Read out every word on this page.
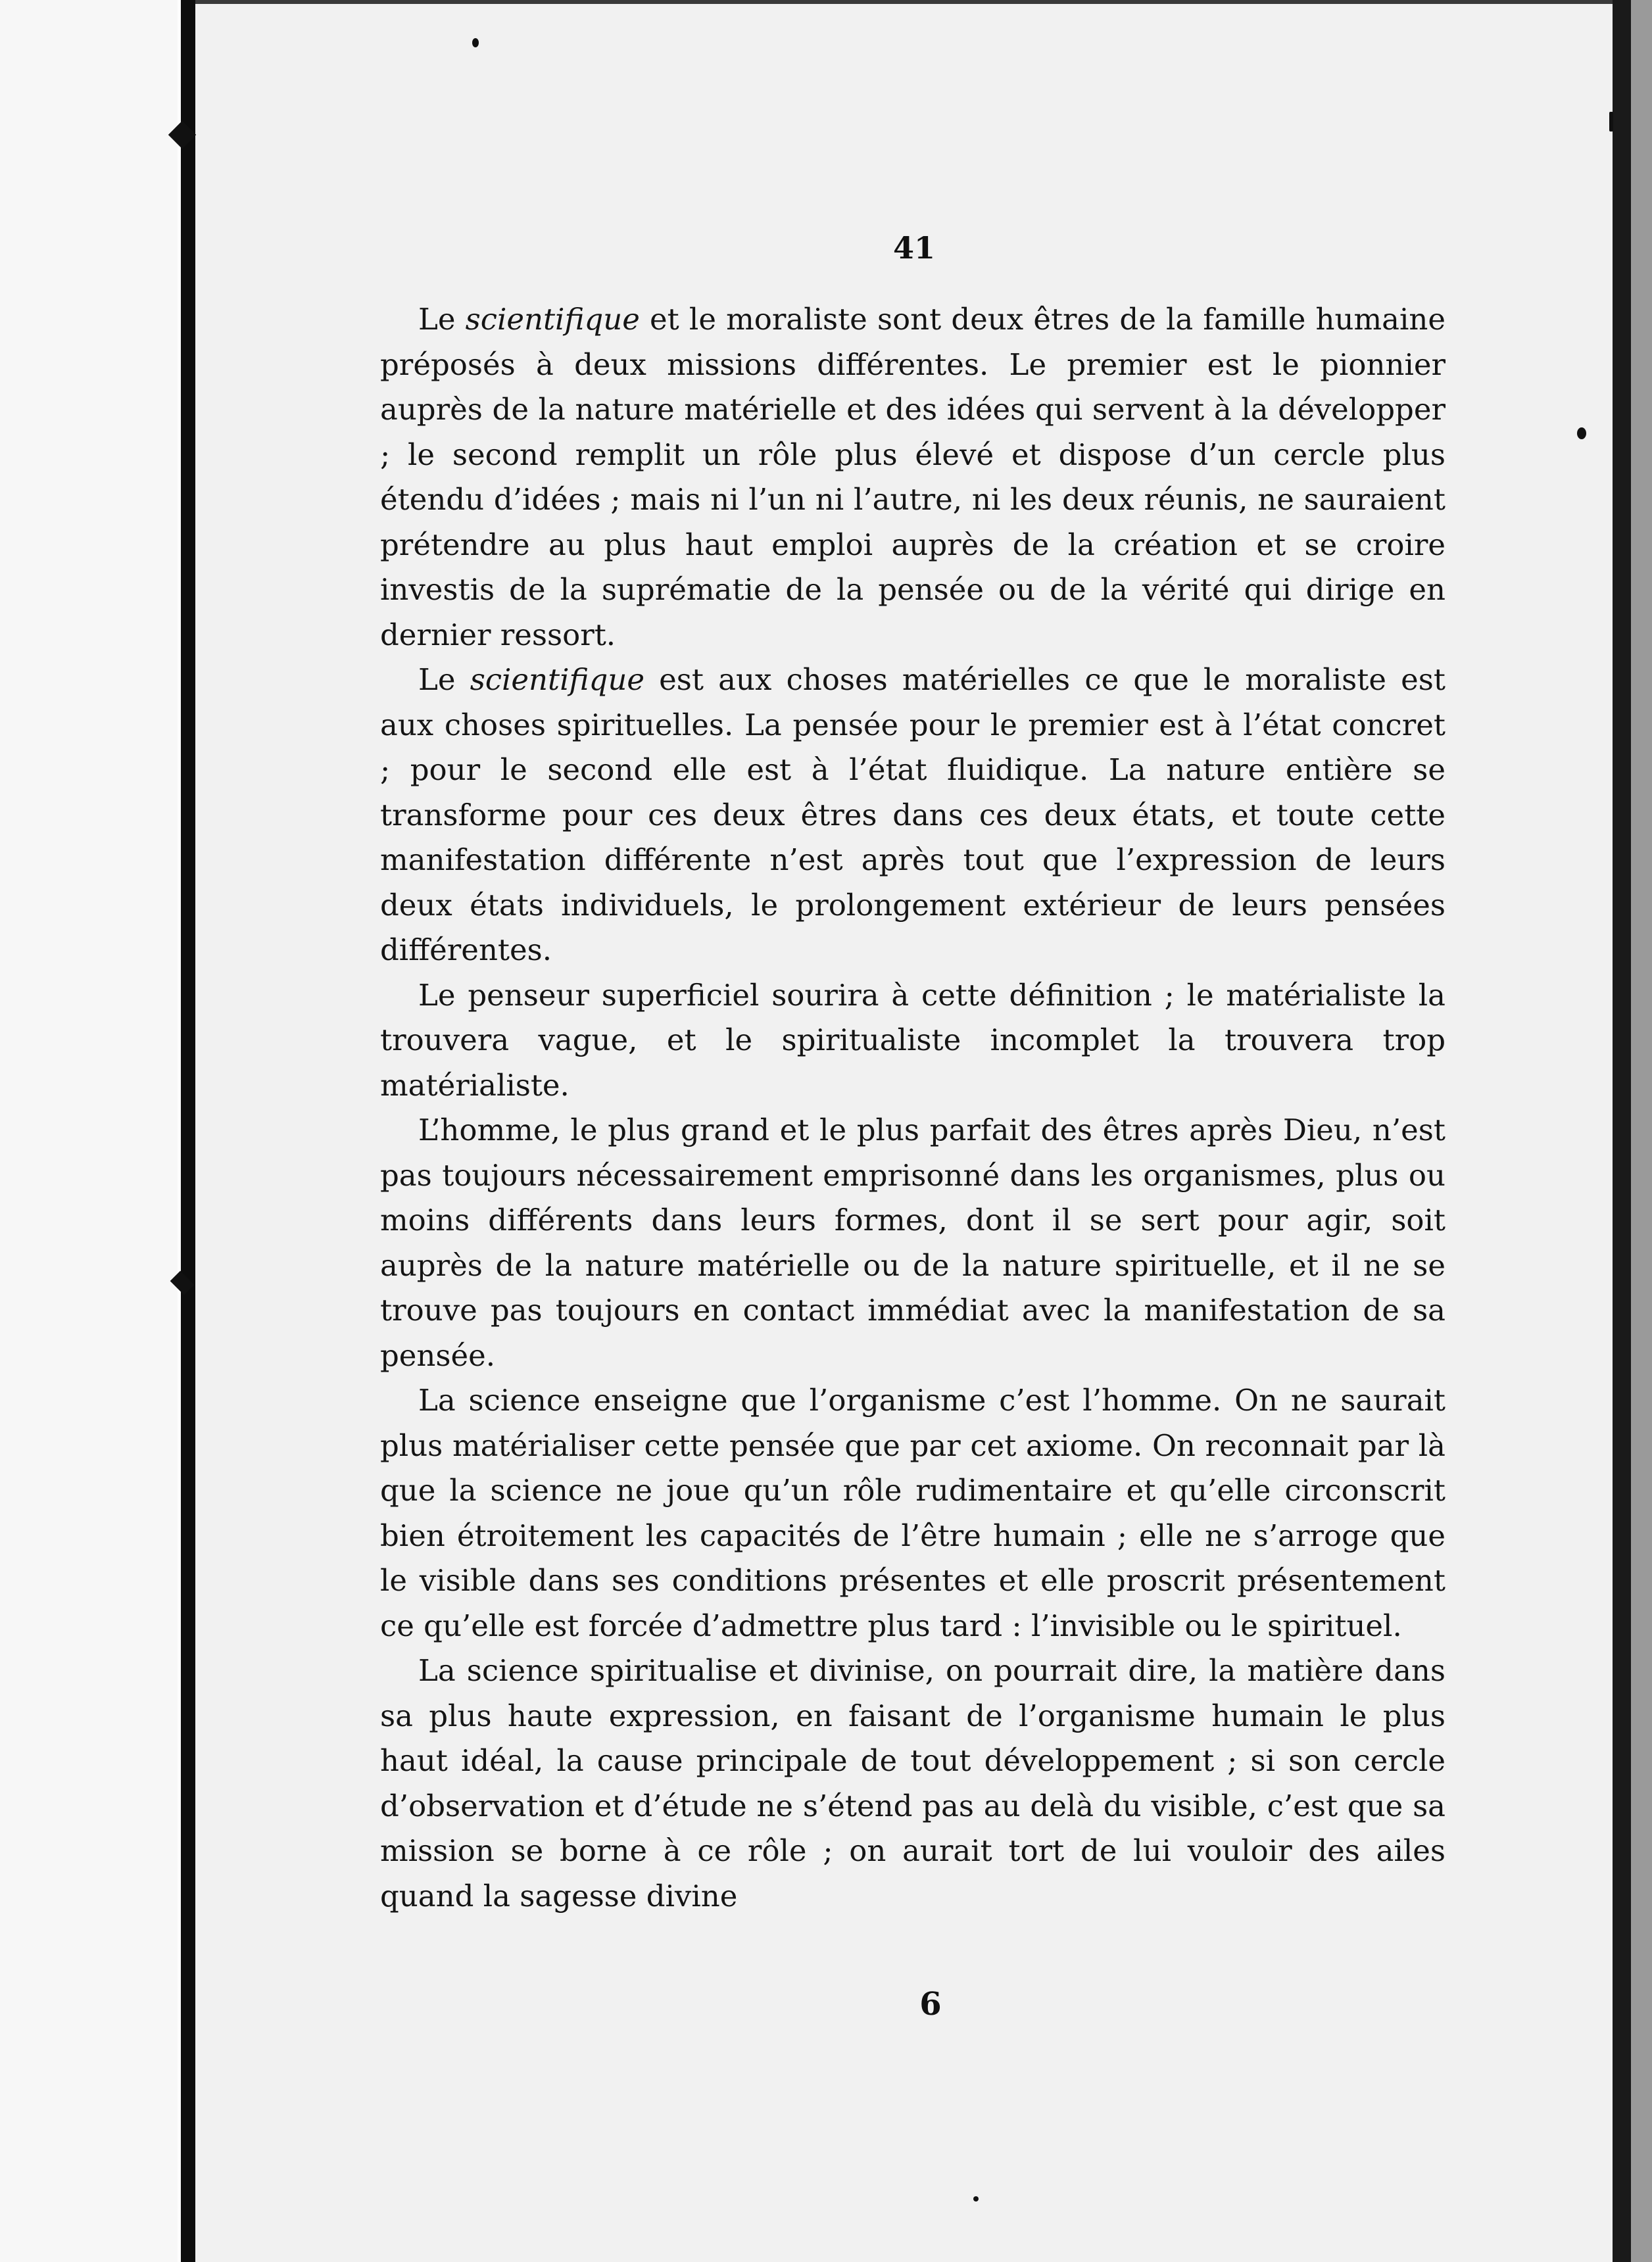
41

Le scientifique et le moraliste sont deux êtres de la famille humaine préposés à deux missions différentes. Le premier est le pionnier auprès de la nature matérielle et des idées qui servent à la développer ; le second remplit un rôle plus élevé et dispose d’un cercle plus étendu d’idées ; mais ni l’un ni l’autre, ni les deux réunis, ne sauraient prétendre au plus haut emploi auprès de la création et se croire investis de la suprématie de la pensée ou de la vérité qui dirige en dernier ressort.

Le scientifique est aux choses matérielles ce que le moraliste est aux choses spirituelles. La pensée pour le premier est à l’état concret ; pour le second elle est à l’état fluidique. La nature entière se transforme pour ces deux êtres dans ces deux états, et toute cette manifestation différente n’est après tout que l’expression de leurs deux états individuels, le prolongement extérieur de leurs pensées différentes.

Le penseur superficiel sourira à cette définition ; le matérialiste la trouvera vague, et le spiritualiste incomplet la trouvera trop matérialiste.

L’homme, le plus grand et le plus parfait des êtres après Dieu, n’est pas toujours nécessairement emprisonné dans les organismes, plus ou moins différents dans leurs formes, dont il se sert pour agir, soit auprès de la nature matérielle ou de la nature spirituelle, et il ne se trouve pas toujours en contact immédiat avec la manifestation de sa pensée.

La science enseigne que l’organisme c’est l’homme. On ne saurait plus matérialiser cette pensée que par cet axiome. On reconnait par là que la science ne joue qu’un rôle rudimentaire et qu’elle circonscrit bien étroitement les capacités de l’être humain ; elle ne s’arroge que le visible dans ses conditions présentes et elle proscrit présentement ce qu’elle est forcée d’admettre plus tard : l’invisible ou le spirituel.

La science spiritualise et divinise, on pourrait dire, la matière dans sa plus haute expression, en faisant de l’organisme humain le plus haut idéal, la cause principale de tout développement ; si son cercle d’observation et d’étude ne s’étend pas au delà du visible, c’est que sa mission se borne à ce rôle ; on aurait tort de lui vouloir des ailes quand la sagesse divine

6
